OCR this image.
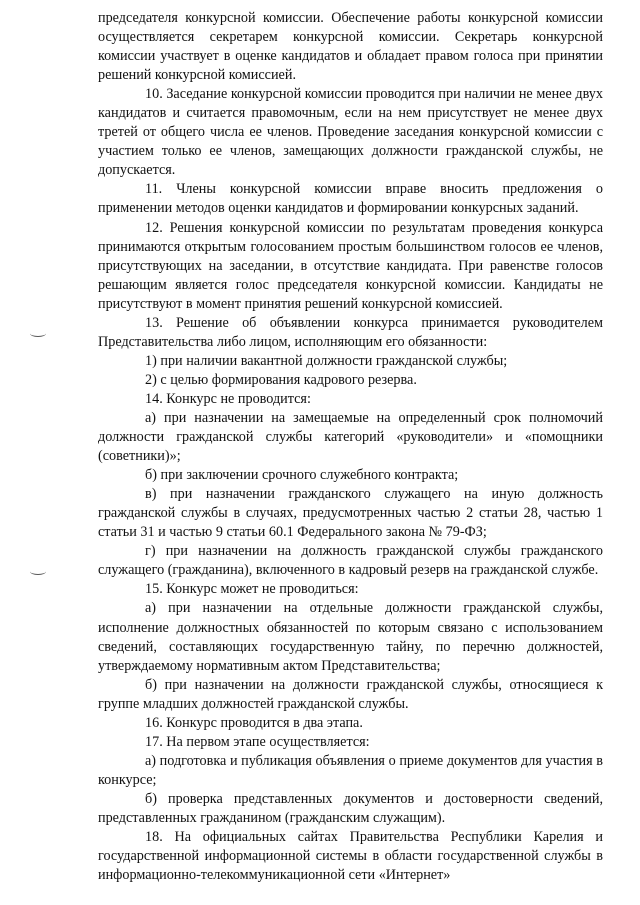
председателя конкурсной комиссии. Обеспечение работы конкурсной комиссии осуществляется секретарем конкурсной комиссии. Секретарь конкурсной комиссии участвует в оценке кандидатов и обладает правом голоса при принятии решений конкурсной комиссией.

10. Заседание конкурсной комиссии проводится при наличии не менее двух кандидатов и считается правомочным, если на нем присутствует не менее двух третей от общего числа ее членов. Проведение заседания конкурсной комиссии с участием только ее членов, замещающих должности гражданской службы, не допускается.

11. Члены конкурсной комиссии вправе вносить предложения о применении методов оценки кандидатов и формировании конкурсных заданий.

12. Решения конкурсной комиссии по результатам проведения конкурса принимаются открытым голосованием простым большинством голосов ее членов, присутствующих на заседании, в отсутствие кандидата. При равенстве голосов решающим является голос председателя конкурсной комиссии. Кандидаты не присутствуют в момент принятия решений конкурсной комиссией.

13. Решение об объявлении конкурса принимается руководителем Представительства либо лицом, исполняющим его обязанности:

1) при наличии вакантной должности гражданской службы;

2) с целью формирования кадрового резерва.

14. Конкурс не проводится:

а) при назначении на замещаемые на определенный срок полномочий должности гражданской службы категорий «руководители» и «помощники (советники)»;

б) при заключении срочного служебного контракта;

в) при назначении гражданского служащего на иную должность гражданской службы в случаях, предусмотренных частью 2 статьи 28, частью 1 статьи 31 и частью 9 статьи 60.1 Федерального закона № 79-ФЗ;

г) при назначении на должность гражданской службы гражданского служащего (гражданина), включенного в кадровый резерв на гражданской службе.

15. Конкурс может не проводиться:

а) при назначении на отдельные должности гражданской службы, исполнение должностных обязанностей по которым связано с использованием сведений, составляющих государственную тайну, по перечню должностей, утверждаемому нормативным актом Представительства;

б) при назначении на должности гражданской службы, относящиеся к группе младших должностей гражданской службы.

16. Конкурс проводится в два этапа.

17. На первом этапе осуществляется:

а) подготовка и публикация объявления о приеме документов для участия в конкурсе;

б) проверка представленных документов и достоверности сведений, представленных гражданином (гражданским служащим).

18. На официальных сайтах Правительства Республики Карелия и государственной информационной системы в области государственной службы в информационно-телекоммуникационной сети «Интернет»
